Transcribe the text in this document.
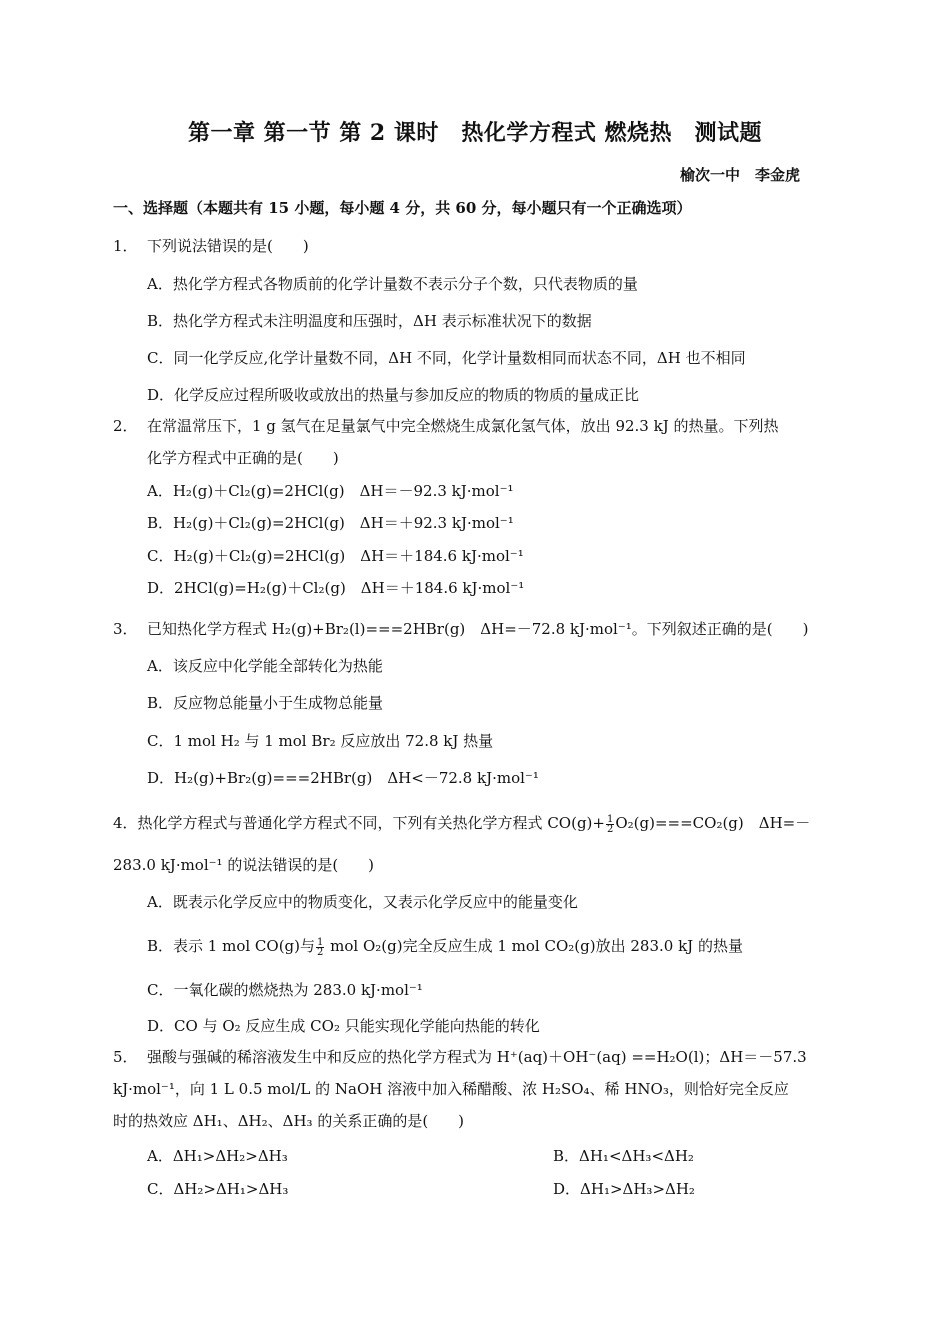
第一章 第一节 第 2 课时　热化学方程式 燃烧热　测试题
榆次一中　李金虎
一、选择题（本题共有 15 小题，每小题 4 分，共 60 分，每小题只有一个正确选项）
1． 下列说法错误的是(　　)
A．热化学方程式各物质前的化学计量数不表示分子个数，只代表物质的量
B．热化学方程式未注明温度和压强时，ΔH 表示标准状况下的数据
C．同一化学反应,化学计量数不同，ΔH 不同，化学计量数相同而状态不同，ΔH 也不相同
D．化学反应过程所吸收或放出的热量与参加反应的物质的物质的量成正比
2． 在常温常压下，1 g 氢气在足量氯气中完全燃烧生成氯化氢气体，放出 92.3 kJ 的热量。下列热
化学方程式中正确的是(　　)
A．H₂(g)＋Cl₂(g)=2HCl(g)　ΔH＝－92.3 kJ·mol⁻¹
B．H₂(g)＋Cl₂(g)=2HCl(g)　ΔH＝＋92.3 kJ·mol⁻¹
C．H₂(g)＋Cl₂(g)=2HCl(g)　ΔH＝＋184.6 kJ·mol⁻¹
D．2HCl(g)=H₂(g)＋Cl₂(g)　ΔH＝＋184.6 kJ·mol⁻¹
3． 已知热化学方程式 H₂(g)+Br₂(l)===2HBr(g)　ΔH=－72.8 kJ·mol⁻¹。下列叙述正确的是(　　)
A．该反应中化学能全部转化为热能
B．反应物总能量小于生成物总能量
C．1 mol H₂ 与 1 mol Br₂ 反应放出 72.8 kJ 热量
D．H₂(g)+Br₂(g)===2HBr(g)　ΔH<－72.8 kJ·mol⁻¹
4．热化学方程式与普通化学方程式不同，下列有关热化学方程式 $CO(g)+ \frac{1}{2} O_2(g)===CO_2(g)$　ΔH=－
283.0 kJ·mol⁻¹ 的说法错误的是(　　)
A．既表示化学反应中的物质变化，又表示化学反应中的能量变化
B．表示 1 mol CO(g)与 $\frac{1}{2}$ mol O₂(g)完全反应生成 1 mol CO₂(g)放出 283.0 kJ 的热量
C．一氧化碳的燃烧热为 283.0 kJ·mol⁻¹
D．CO 与 O₂ 反应生成 CO₂ 只能实现化学能向热能的转化
5． 强酸与强碱的稀溶液发生中和反应的热化学方程式为 H⁺(aq)＋OH⁻(aq) ==H₂O(l)；ΔH＝－57.3
kJ·mol⁻¹，向 1 L 0.5 mol/L 的 NaOH 溶液中加入稀醋酸、浓 H₂SO₄、稀 HNO₃，则恰好完全反应
时的热效应 ΔH₁、ΔH₂、ΔH₃ 的关系正确的是(　　)
A．ΔH₁>ΔH₂>ΔH₃	B．ΔH₁<ΔH₃<ΔH₂
C．ΔH₂>ΔH₁>ΔH₃	D．ΔH₁>ΔH₃>ΔH₂
